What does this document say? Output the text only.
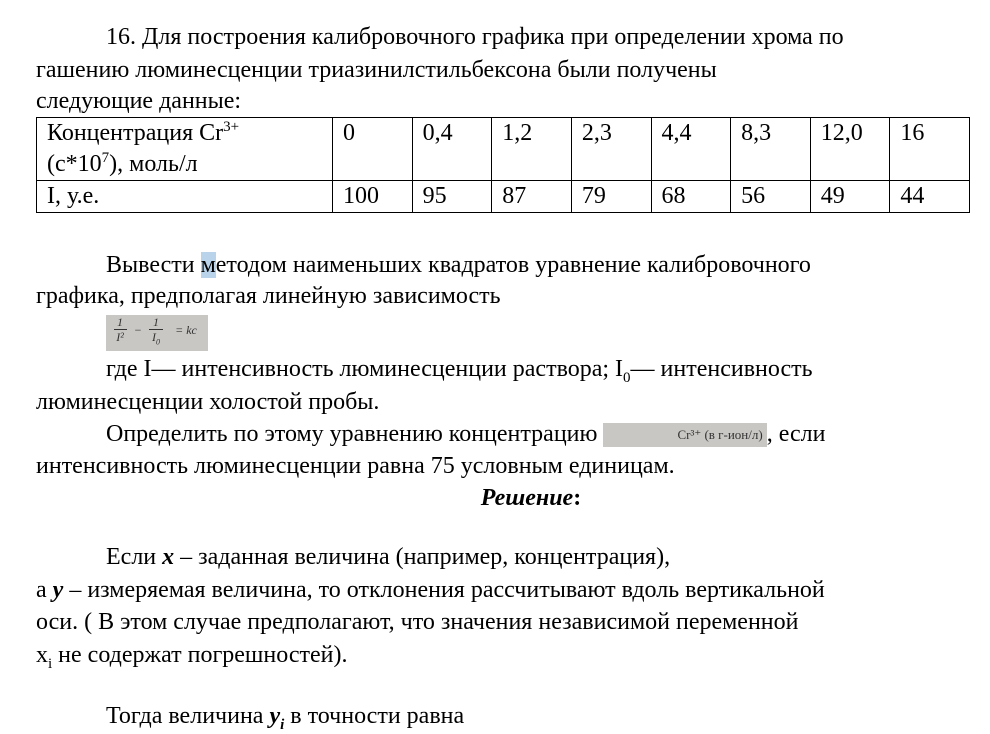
16. Для построения калибровочного графика при определении хрома по

гашению люминесценции триазинилстильбексона были получены

следующие данные:

Концентрация $Cr^{3+}$
$(с*10^7)$, моль/л	0	0,4	1,2	2,3	4,4	8,3	12,0	16
I, у.е.	100	95	87	79	68	56	49	44

Вывести методом наименьших квадратов уравнение калибровочного

графика, предполагая линейную зависимость

1
I² −
1
$I_0$
= kc

где I— интенсивность люминесценции раствора; $I_0—$ интенсивность

люминесценции холостой пробы.

Определить по этому уравнению концентрацию	Cr³⁺ (в г-ион/л) , если

интенсивность люминесценции равна 75 условным единицам.

Решение:

Если x – заданная величина (например, концентрация),

а y – измеряемая величина, то отклонения рассчитывают вдоль вертикальной

оси. ( В этом случае предполагают, что значения независимой переменной

$x_i$ не содержат погрешностей).

Тогда величина $y_i$ в точности равна
